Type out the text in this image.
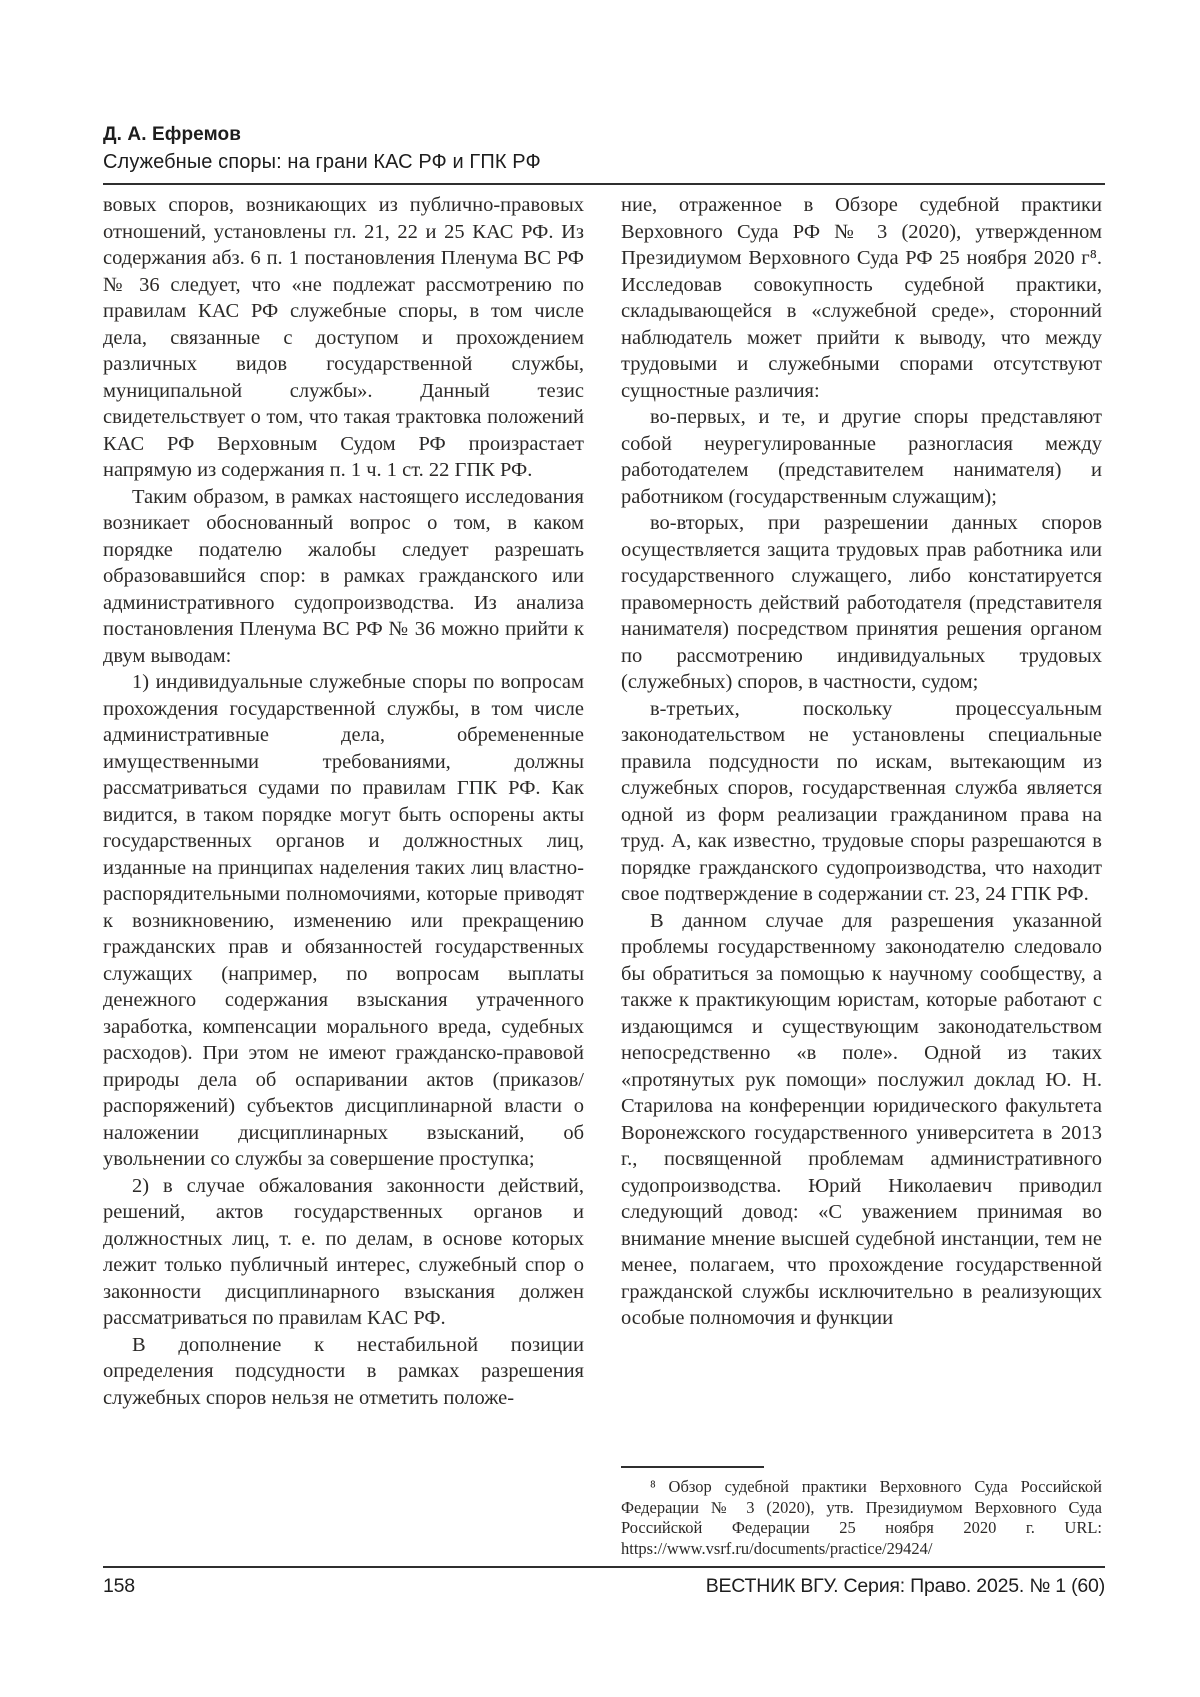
Д. А. Ефремов
Служебные споры: на грани КАС РФ и ГПК РФ

вовых споров, возникающих из публично-правовых отношений, установлены гл. 21, 22 и 25 КАС РФ. Из содержания абз. 6 п. 1 постановления Пленума ВС РФ № 36 следует, что «не подлежат рассмотрению по правилам КАС РФ служебные споры, в том числе дела, связанные с доступом и прохождением различных видов государственной службы, муниципальной службы». Данный тезис свидетельствует о том, что такая трактовка положений КАС РФ Верховным Судом РФ произрастает напрямую из содержания п. 1 ч. 1 ст. 22 ГПК РФ.

Таким образом, в рамках настоящего исследования возникает обоснованный вопрос о том, в каком порядке подателю жалобы следует разрешать образовавшийся спор: в рамках гражданского или административного судопроизводства. Из анализа постановления Пленума ВС РФ № 36 можно прийти к двум выводам:

1) индивидуальные служебные споры по вопросам прохождения государственной службы, в том числе административные дела, обремененные имущественными требованиями, должны рассматриваться судами по правилам ГПК РФ. Как видится, в таком порядке могут быть оспорены акты государственных органов и должностных лиц, изданные на принципах наделения таких лиц властно-распорядительными полномочиями, которые приводят к возникновению, изменению или прекращению гражданских прав и обязанностей государственных служащих (например, по вопросам выплаты денежного содержания взыскания утраченного заработка, компенсации морального вреда, судебных расходов). При этом не имеют гражданско-правовой природы дела об оспаривании актов (приказов/распоряжений) субъектов дисциплинарной власти о наложении дисциплинарных взысканий, об увольнении со службы за совершение проступка;

2) в случае обжалования законности действий, решений, актов государственных органов и должностных лиц, т. е. по делам, в основе которых лежит только публичный интерес, служебный спор о законности дисциплинарного взыскания должен рассматриваться по правилам КАС РФ.

В дополнение к нестабильной позиции определения подсудности в рамках разрешения служебных споров нельзя не отметить положе-

ние, отраженное в Обзоре судебной практики Верховного Суда РФ № 3 (2020), утвержденном Президиумом Верховного Суда РФ 25 ноября 2020 г⁸. Исследовав совокупность судебной практики, складывающейся в «служебной среде», сторонний наблюдатель может прийти к выводу, что между трудовыми и служебными спорами отсутствуют сущностные различия:

во-первых, и те, и другие споры представляют собой неурегулированные разногласия между работодателем (представителем нанимателя) и работником (государственным служащим);

во-вторых, при разрешении данных споров осуществляется защита трудовых прав работника или государственного служащего, либо констатируется правомерность действий работодателя (представителя нанимателя) посредством принятия решения органом по рассмотрению индивидуальных трудовых (служебных) споров, в частности, судом;

в-третьих, поскольку процессуальным законодательством не установлены специальные правила подсудности по искам, вытекающим из служебных споров, государственная служба является одной из форм реализации гражданином права на труд. А, как известно, трудовые споры разрешаются в порядке гражданского судопроизводства, что находит свое подтверждение в содержании ст. 23, 24 ГПК РФ.

В данном случае для разрешения указанной проблемы государственному законодателю следовало бы обратиться за помощью к научному сообществу, а также к практикующим юристам, которые работают с издающимся и существующим законодательством непосредственно «в поле». Одной из таких «протянутых рук помощи» послужил доклад Ю. Н. Старилова на конференции юридического факультета Воронежского государственного университета в 2013 г., посвященной проблемам административного судопроизводства. Юрий Николаевич приводил следующий довод: «С уважением принимая во внимание мнение высшей судебной инстанции, тем не менее, полагаем, что прохождение государственной гражданской службы исключительно в реализующих особые полномочия и функции

⁸ Обзор судебной практики Верховного Суда Российской Федерации № 3 (2020), утв. Президиумом Верховного Суда Российской Федерации 25 ноября 2020 г. URL: https://www.vsrf.ru/documents/practice/29424/

158	ВЕСТНИК ВГУ. Серия: Право. 2025. № 1 (60)
